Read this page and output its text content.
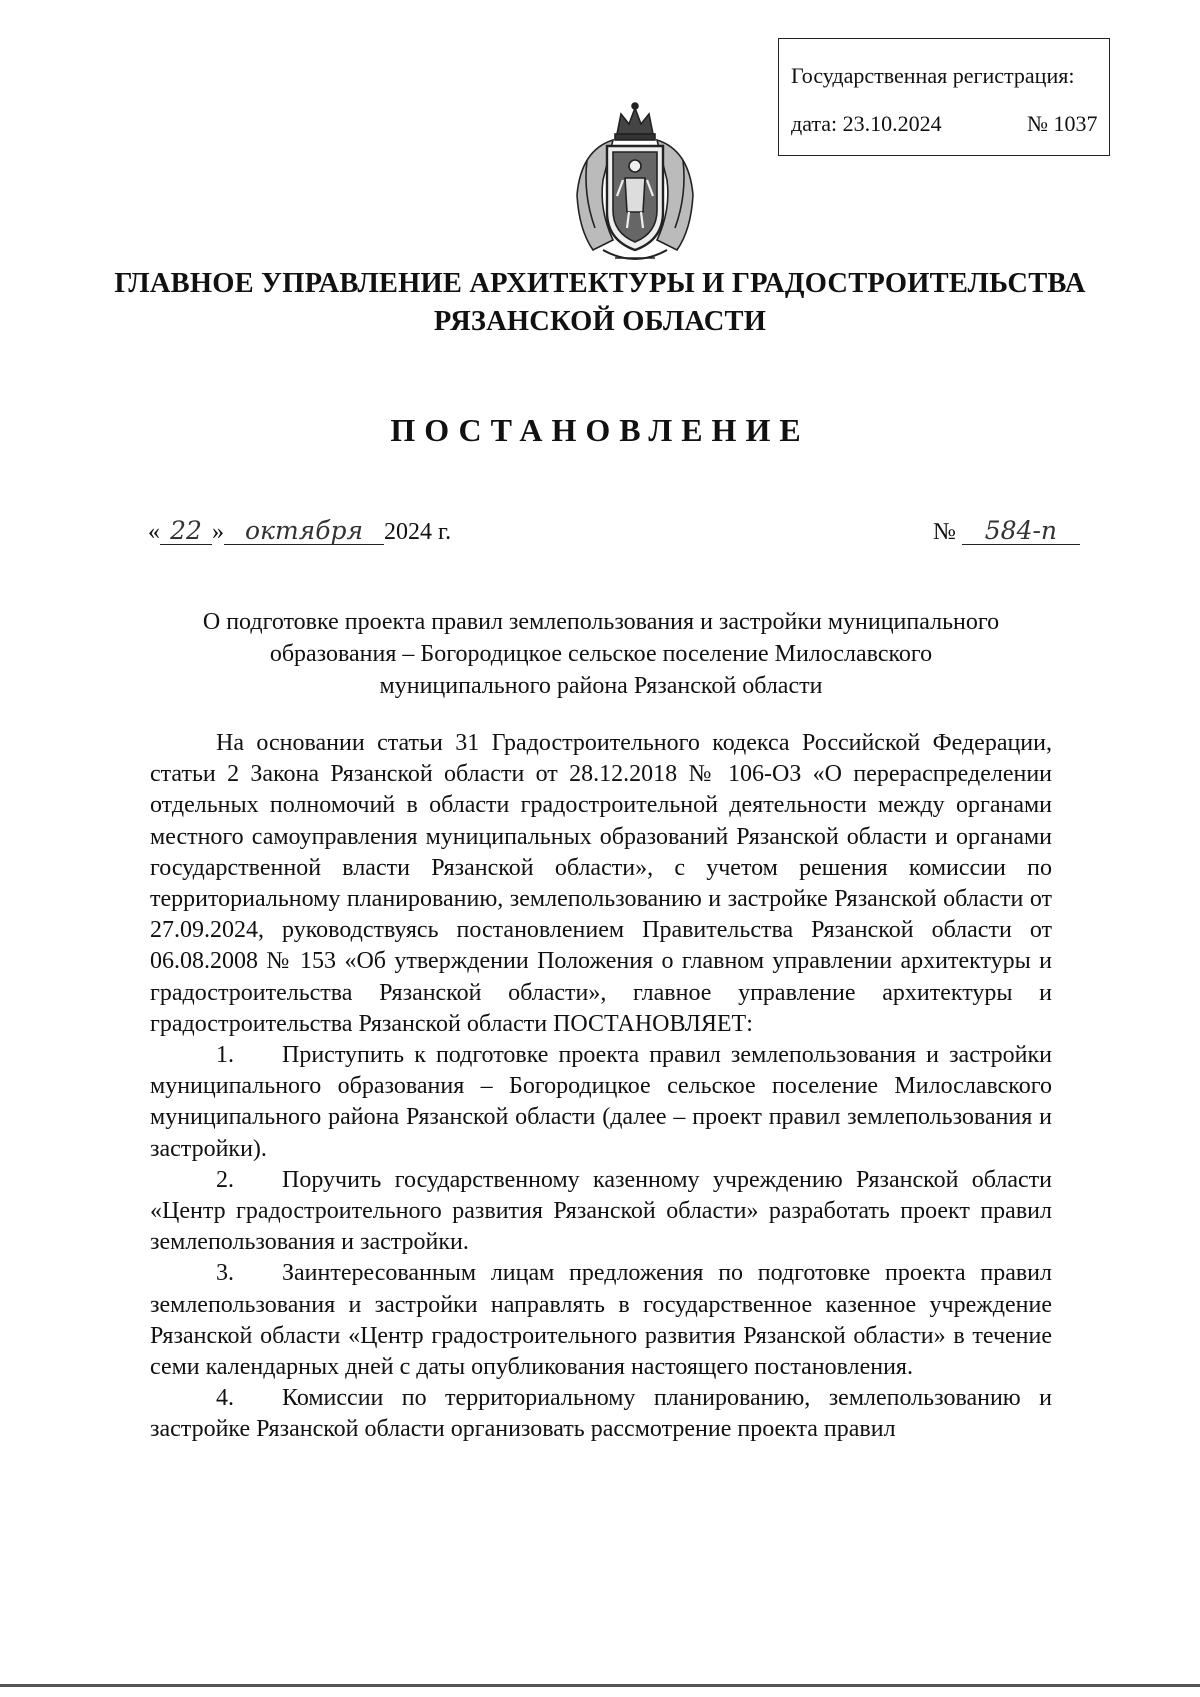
Государственная регистрация:
дата: 23.10.2024	№ 1037
ГЛАВНОЕ УПРАВЛЕНИЕ АРХИТЕКТУРЫ И ГРАДОСТРОИТЕЛЬСТВА
РЯЗАНСКОЙ ОБЛАСТИ
ПОСТАНОВЛЕНИЕ
« 22 » октября 2024 г.	№ 584-п
О подготовке проекта правил землепользования и застройки муниципального
образования – Богородицкое сельское поселение Милославского
муниципального района Рязанской области

На основании статьи 31 Градостроительного кодекса Российской Федерации, статьи 2 Закона Рязанской области от 28.12.2018 № 106-ОЗ «О перераспределении отдельных полномочий в области градостроительной деятельности между органами местного самоуправления муниципальных образований Рязанской области и органами государственной власти Рязанской области», с учетом решения комиссии по территориальному планированию, землепользованию и застройке Рязанской области от 27.09.2024, руководствуясь постановлением Правительства Рязанской области от 06.08.2008 № 153 «Об утверждении Положения о главном управлении архитектуры и градостроительства Рязанской области», главное управление архитектуры и градостроительства Рязанской области ПОСТАНОВЛЯЕТ:

1. Приступить к подготовке проекта правил землепользования и застройки муниципального образования – Богородицкое сельское поселение Милославского муниципального района Рязанской области (далее – проект правил землепользования и застройки).

2. Поручить государственному казенному учреждению Рязанской области «Центр градостроительного развития Рязанской области» разработать проект правил землепользования и застройки.

3. Заинтересованным лицам предложения по подготовке проекта правил землепользования и застройки направлять в государственное казенное учреждение Рязанской области «Центр градостроительного развития Рязанской области» в течение семи календарных дней с даты опубликования настоящего постановления.

4. Комиссии по территориальному планированию, землепользованию и застройке Рязанской области организовать рассмотрение проекта правил
